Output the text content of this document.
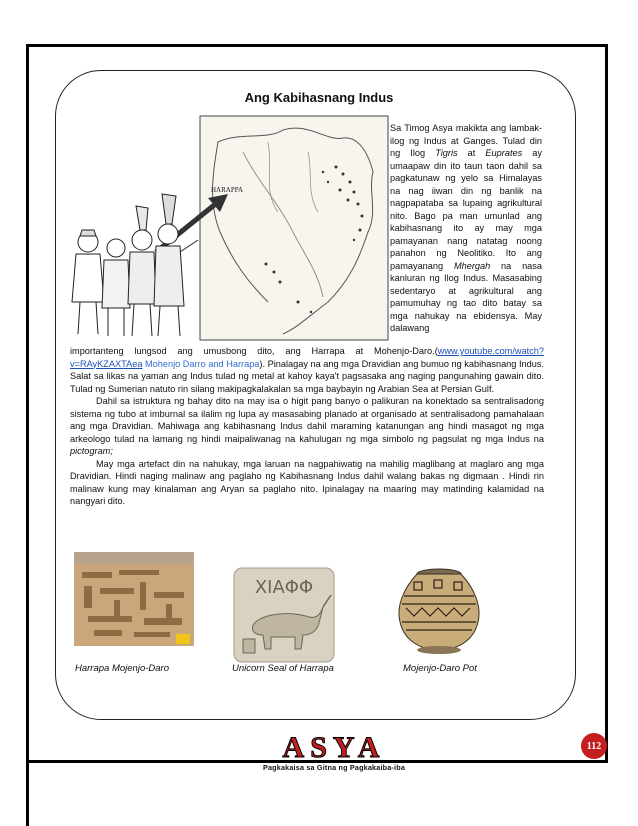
Ang Kabihasnang Indus
HARAPPA

Sa Timog Asya makikta ang lambak-ilog ng Indus at Ganges. Tulad din ng Ilog Tigris at Euprates ay umaapaw din ito taun taon dahil sa pagkatunaw ng yelo sa Himalayas na nag iiwan din ng banlik na nagpapataba sa lupaing agrikultural nito. Bago pa man umunlad ang kabihasnang ito ay may mga pamayanan nang natatag noong panahon ng Neolitiko. Ito ang pamayanang Mhergah na nasa kanluran ng Ilog Indus. Masasabing sedentaryo at agrikultural ang pamumuhay ng tao dito batay sa mga nahukay na ebidensya. May dalawang

importanteng lungsod ang umusbong dito, ang Harrapa at Mohenjo-Daro.(www.youtube.com/watch?v=RAyKZAXTAea Mohenjo Darro and Harrapa). Pinalagay na ang mga Dravidian ang bumuo ng kabihasnang Indus. Salat sa likas na yaman ang Indus tulad ng metal at kahoy kaya't pagsasaka ang naging pangunahing gawain dito. Tulad ng Sumerian natuto rin silang makipagkalakalan sa mga baybayin ng Arabian Sea at Persian Gulf.

Dahil sa istruktura ng bahay dito na may isa o higit pang banyo o palikuran na konektado sa sentralisadong sistema ng tubo at imburnal sa ilalim ng lupa ay masasabing planado at organisado at sentralisadong pamahalaan ang mga Dravidian. Mahiwaga ang kabihasnang Indus dahil maraming katanungan ang hindi masagot ng mga arkeologo tulad na lamang ng hindi maipaliwanag na kahulugan ng mga simbolo ng pagsulat ng mga Indus na pictogram;

May mga artefact din na nahukay, mga laruan na nagpahiwatig na mahilig maglibang at maglaro ang mga Dravidian. Hindi naging malinaw ang paglaho ng Kabihasnang Indus dahil walang bakas ng digmaan . Hindi rin malinaw kung may kinalaman ang Aryan sa paglaho nito. Ipinalagay na maaring may matinding kalamidad na nangyari dito.

ΧΙΑΦΦ
Harrapa Mojenjo-Daro	Unicorn Seal of Harrapa	Mojenjo-Daro Pot
112
ASYA
Pagkakaisa sa Gitna ng Pagkakaiba-iba
